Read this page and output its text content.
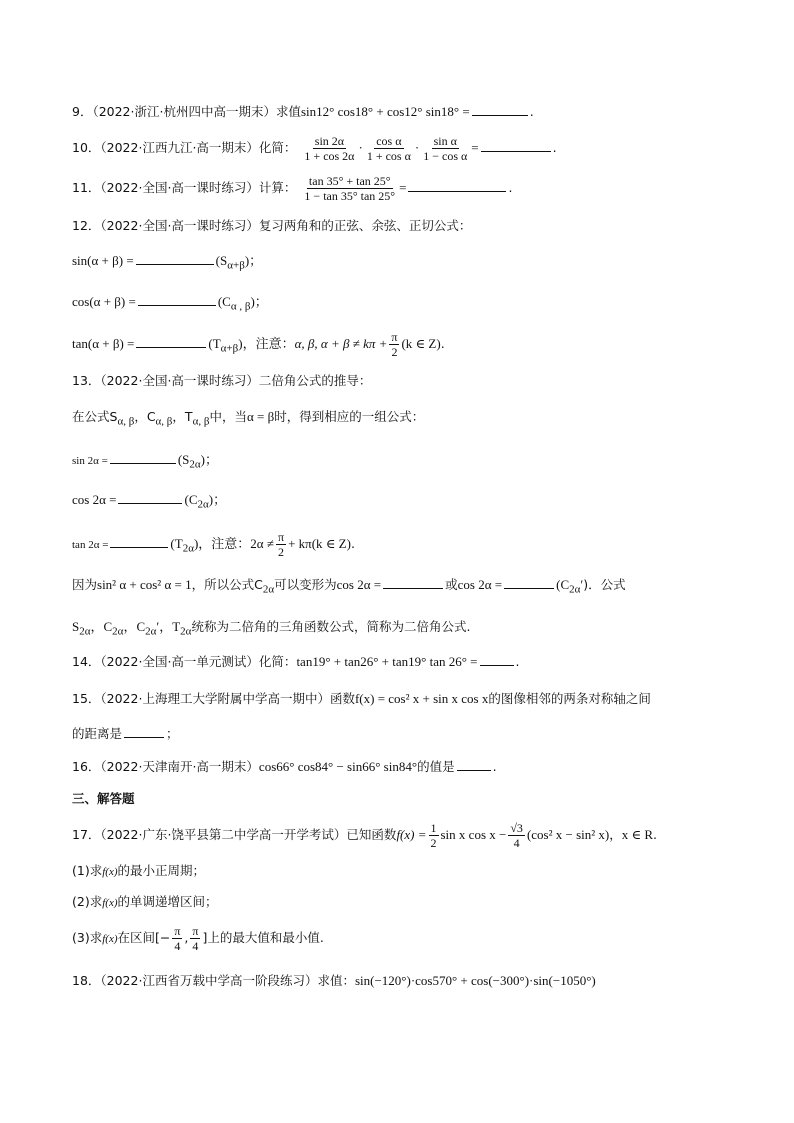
9．（2022·浙江·杭州四中高一期末）求值sin12° cos18° + cos12° sin18° =	.
10．（2022·江西九江·高一期末）化简： $\frac{\sin 2\alpha}{1 + \cos 2\alpha} \cdot \frac{\text{cos α}}{\text{1 + cos α}} \cdot \frac{\text{sin α}}{\text{1 − cos α}}$ =	.
11．（2022·全国·高一课时练习）计算： $\frac{\tan 35^\circ + \tan 25^\circ}{1 - \tan 35^\circ \tan 25^\circ}$ =	.
12．（2022·全国·高一课时练习）复习两角和的正弦、余弦、正切公式：
sin(α + β) =	$(S_{\alpha+\beta})$；
cos(α + β) =	$(C_{\alpha , \beta})$；
tan(α + β) =	$(T_{\alpha+\beta})$，注意：α, β, $\alpha + \beta \ne k\pi + \frac{\pi}{2} (k$ ∈ Z).
13．（2022·全国·高一课时练习）二倍角公式的推导：
在公式$S_{\alpha, \beta}$，$C_{\alpha, \beta}$，$T_{\alpha, \beta}$中，当α = β时，得到相应的一组公式：
sin 2α =	$(S_{2\alpha})$；
cos 2α =	$(C_{2\alpha})$；
tan 2α =	$(T_{2\alpha})$，注意：$2\alpha \ne \frac{\pi}{2} + k\pi(k$ ∈ Z).
因为sin² α + cos² α = 1，所以公式$C_{2\alpha}$可以变形为cos 2α =	或cos 2α =	$(C_{2\alpha}')$．公式
$S_{2\alpha}$，$C_{2\alpha}$，$C_{2\alpha}'$，$T_{2\alpha}$统称为二倍角的三角函数公式，简称为二倍角公式.
14．（2022·全国·高一单元测试）化简：tan19° + tan26° + tan19° tan 26° =	.
15．（2022·上海理工大学附属中学高一期中）函数f(x) = cos² x + sin x cos x的图像相邻的两条对称轴之间
的距离是	；
16．（2022·天津南开·高一期末）cos66° cos84° − sin66° sin84°的值是	.
三、解答题
17．（2022·广东·饶平县第二中学高一开学考试）已知函数$f(x) = \frac{1}{2}$ sin x $\cos x - \frac{√3}{4} (\cos^2$ x − sin² x)，x ∈ R.
(1)求f(x)的最小正周期；
(2)求f(x)的单调递增区间；
(3)求f(x)在区间[− $\frac{\pi}{4}$ , $\frac{\pi}{4}$ ]上的最大值和最小值.
18．（2022·江西省万载中学高一阶段练习）求值：sin(−120°)·cos570° + cos(−300°)·sin(−1050°)
